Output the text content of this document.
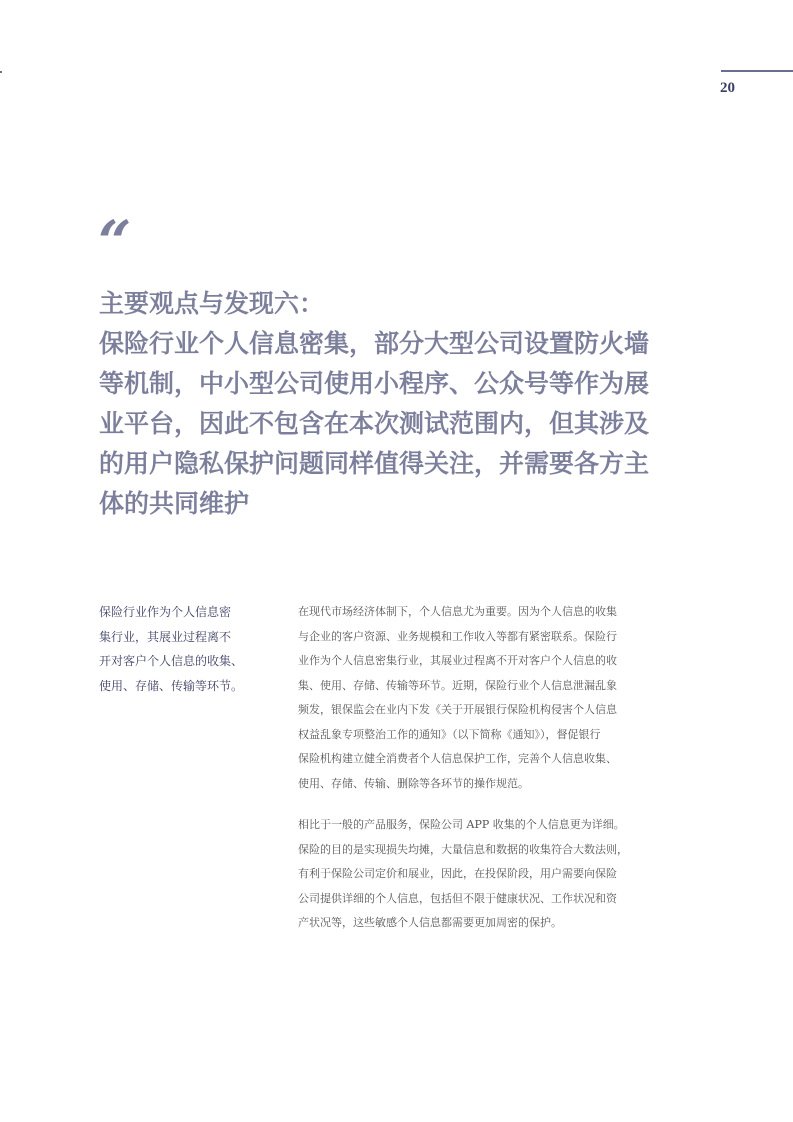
20
“
主要观点与发现六：
保险行业个人信息密集，部分大型公司设置防火墙
等机制，中小型公司使用小程序、公众号等作为展
业平台，因此不包含在本次测试范围内，但其涉及
的用户隐私保护问题同样值得关注，并需要各方主
体的共同维护
保险行业作为个人信息密
集行业，其展业过程离不
开对客户个人信息的收集、
使用、存储、传输等环节。
在现代市场经济体制下，个人信息尤为重要。因为个人信息的收集
与企业的客户资源、业务规模和工作收入等都有紧密联系。保险行
业作为个人信息密集行业，其展业过程离不开对客户个人信息的收
集、使用、存储、传输等环节。近期，保险行业个人信息泄漏乱象
频发，银保监会在业内下发《关于开展银行保险机构侵害个人信息
权益乱象专项整治工作的通知》（以下简称《通知》），督促银行
保险机构建立健全消费者个人信息保护工作，完善个人信息收集、
使用、存储、传输、删除等各环节的操作规范。
相比于一般的产品服务，保险公司 APP 收集的个人信息更为详细。
保险的目的是实现损失均摊，大量信息和数据的收集符合大数法则，
有利于保险公司定价和展业，因此，在投保阶段，用户需要向保险
公司提供详细的个人信息，包括但不限于健康状况、工作状况和资
产状况等，这些敏感个人信息都需要更加周密的保护。
